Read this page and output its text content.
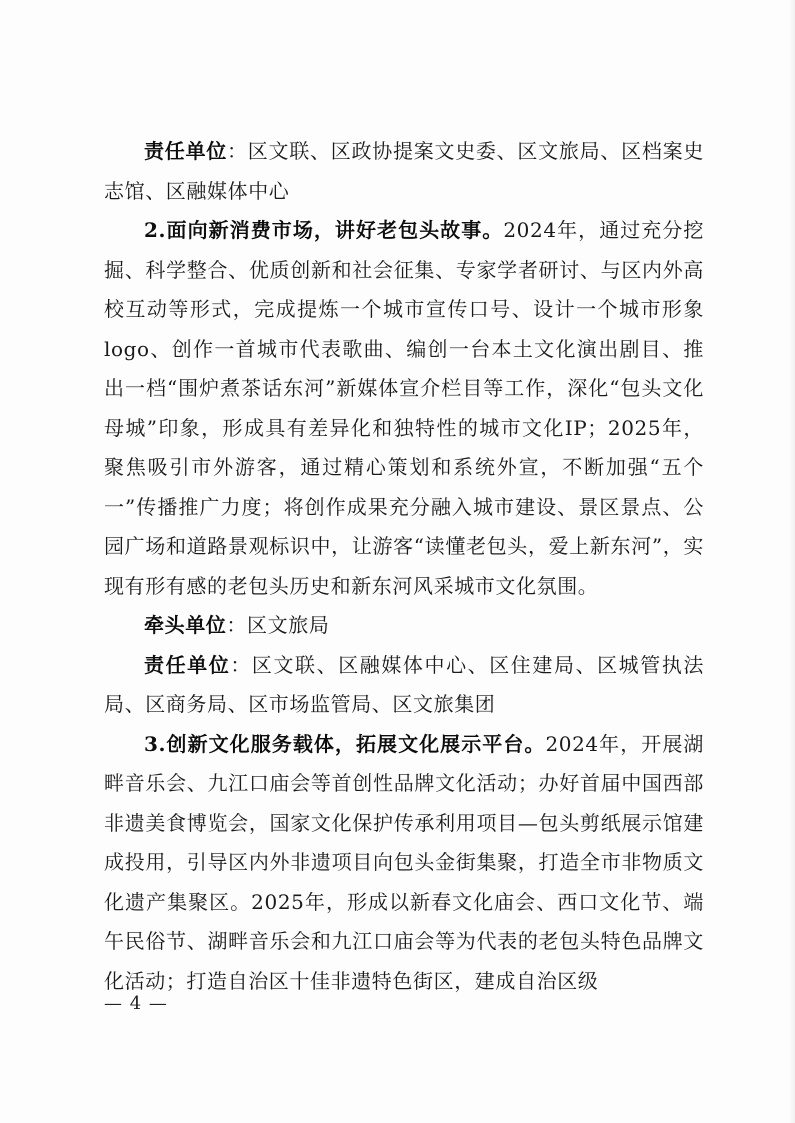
责任单位：区文联、区政协提案文史委、区文旅局、区档案史志馆、区融媒体中心

2.面向新消费市场，讲好老包头故事。2024年，通过充分挖掘、科学整合、优质创新和社会征集、专家学者研讨、与区内外高校互动等形式，完成提炼一个城市宣传口号、设计一个城市形象logo、创作一首城市代表歌曲、编创一台本土文化演出剧目、推出一档“围炉煮茶话东河”新媒体宣介栏目等工作，深化“包头文化母城”印象，形成具有差异化和独特性的城市文化IP；2025年，聚焦吸引市外游客，通过精心策划和系统外宣，不断加强“五个一”传播推广力度；将创作成果充分融入城市建设、景区景点、公园广场和道路景观标识中，让游客“读懂老包头，爱上新东河”，实现有形有感的老包头历史和新东河风采城市文化氛围。

牵头单位：区文旅局

责任单位：区文联、区融媒体中心、区住建局、区城管执法局、区商务局、区市场监管局、区文旅集团

3.创新文化服务载体，拓展文化展示平台。2024年，开展湖畔音乐会、九江口庙会等首创性品牌文化活动；办好首届中国西部非遗美食博览会，国家文化保护传承利用项目—包头剪纸展示馆建成投用，引导区内外非遗项目向包头金街集聚，打造全市非物质文化遗产集聚区。2025年，形成以新春文化庙会、西口文化节、端午民俗节、湖畔音乐会和九江口庙会等为代表的老包头特色品牌文化活动；打造自治区十佳非遗特色街区，建成自治区级

— 4 —
